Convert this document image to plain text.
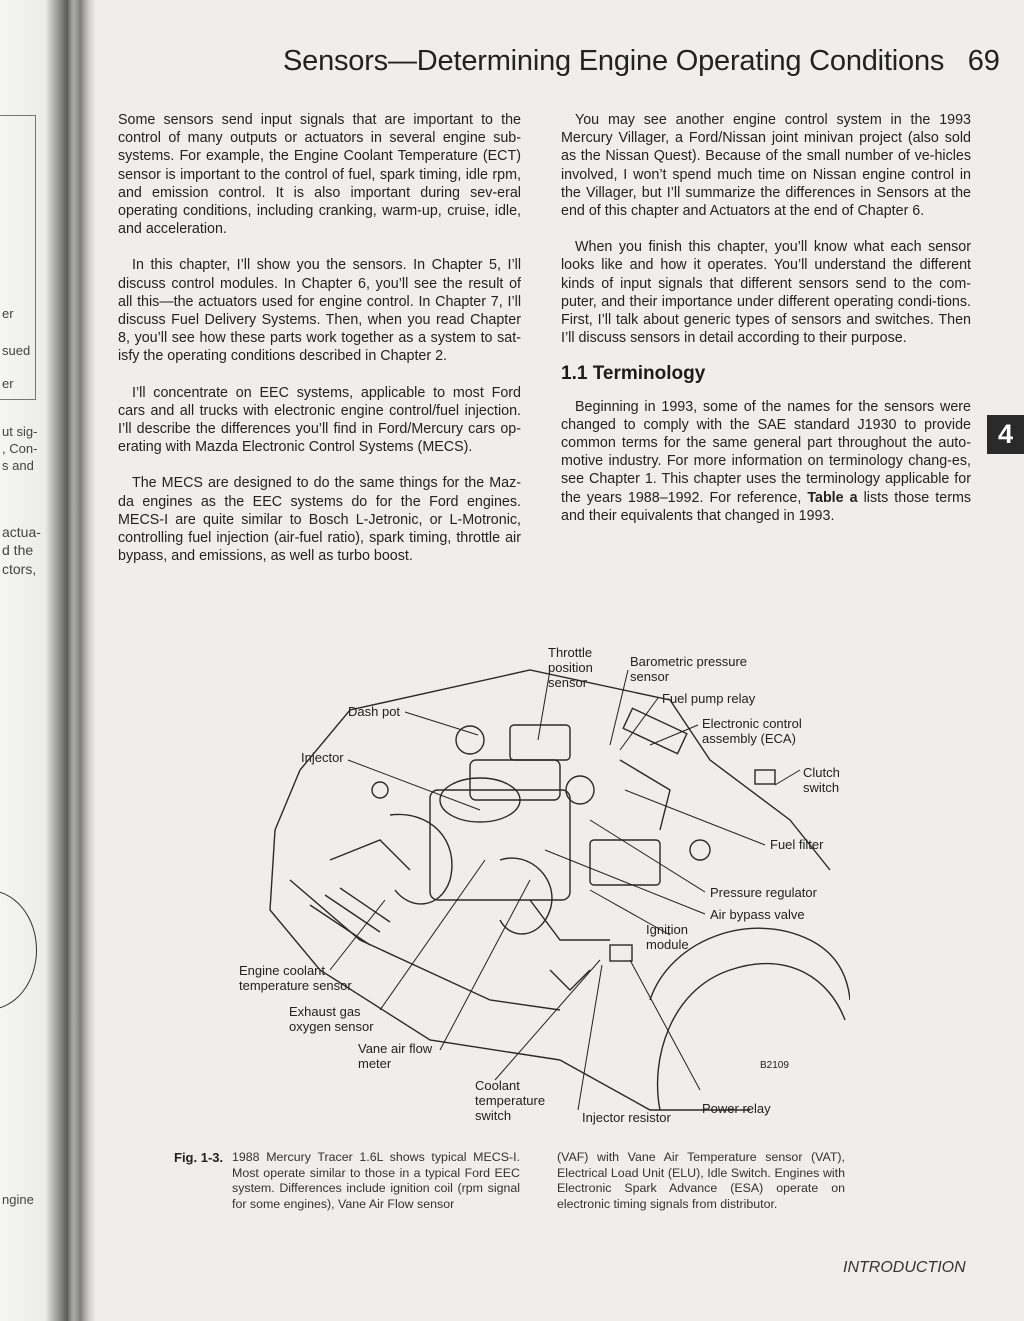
er
sued
er
ut sig-
, Con-
s and
actua-
d the
ctors,
ngine
Sensors—Determining Engine Operating Conditions 69

Some sensors send input signals that are important to the control of many outputs or actuators in several engine sub-systems. For example, the Engine Coolant Temperature (ECT) sensor is important to the control of fuel, spark timing, idle rpm, and emission control. It is also important during sev-eral operating conditions, including cranking, warm-up, cruise, idle, and acceleration.

In this chapter, I’ll show you the sensors. In Chapter 5, I’ll discuss control modules. In Chapter 6, you’ll see the result of all this—the actuators used for engine control. In Chapter 7, I’ll discuss Fuel Delivery Systems. Then, when you read Chapter 8, you’ll see how these parts work together as a system to sat-isfy the operating conditions described in Chapter 2.

I’ll concentrate on EEC systems, applicable to most Ford cars and all trucks with electronic engine control/fuel injection. I’ll describe the differences you’ll find in Ford/Mercury cars op-erating with Mazda Electronic Control Systems (MECS).

The MECS are designed to do the same things for the Maz-da engines as the EEC systems do for the Ford engines. MECS-I are quite similar to Bosch L-Jetronic, or L-Motronic, controlling fuel injection (air-fuel ratio), spark timing, throttle air bypass, and emissions, as well as turbo boost.

You may see another engine control system in the 1993 Mercury Villager, a Ford/Nissan joint minivan project (also sold as the Nissan Quest). Because of the small number of ve-hicles involved, I won’t spend much time on Nissan engine control in the Villager, but I’ll summarize the differences in Sensors at the end of this chapter and Actuators at the end of Chapter 6.

When you finish this chapter, you’ll know what each sensor looks like and how it operates. You’ll understand the different kinds of input signals that different sensors send to the com-puter, and their importance under different operating condi-tions. First, I’ll talk about generic types of sensors and switches. Then I’ll discuss sensors in detail according to their purpose.

1.1 Terminology

Beginning in 1993, some of the names for the sensors were changed to comply with the SAE standard J1930 to provide common terms for the same general part throughout the auto-motive industry. For more information on terminology chang-es, see Chapter 1. This chapter uses the terminology applicable for the years 1988–1992. For reference, Table a lists those terms and their equivalents that changed in 1993.

4
Throttle
position
sensor
Barometric pressure
sensor
Fuel pump relay
Electronic control
assembly (ECA)
Clutch
switch
Fuel filter
Pressure regulator
Air bypass valve
Ignition
module
Dash pot
Injector
Engine coolant
temperature sensor
Exhaust gas
oxygen sensor
Vane air flow
meter
Coolant
temperature
switch	Injector resistor
Power relay
B2109
Fig. 1-3. 1988 Mercury Tracer 1.6L shows typical MECS-I. Most operate similar to those in a typical Ford EEC system. Differences include ignition coil (rpm signal for some engines), Vane Air Flow sensor
(VAF) with Vane Air Temperature sensor (VAT), Electrical Load Unit (ELU), Idle Switch. Engines with Electronic Spark Advance (ESA) operate on electronic timing signals from distributor.
INTRODUCTION
